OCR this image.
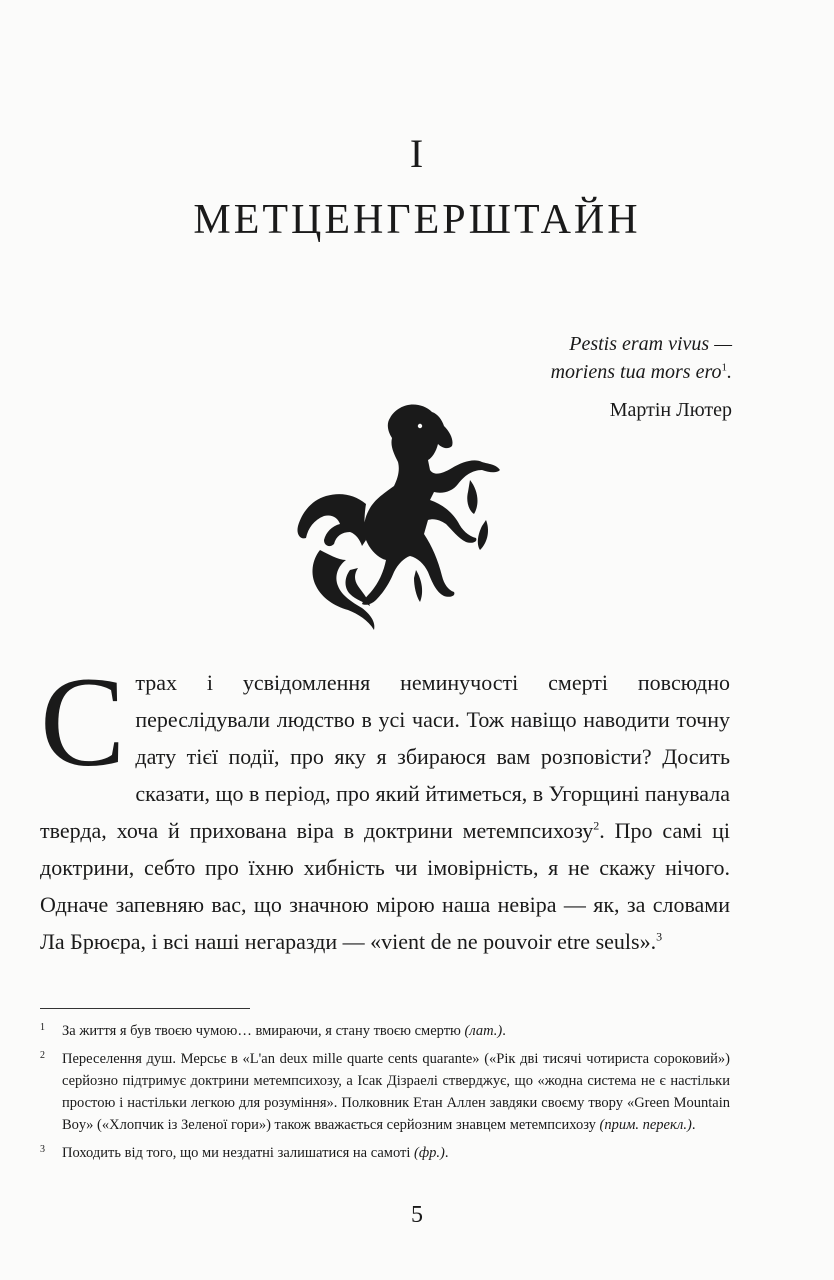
I
МЕТЦЕНГЕРШТАЙН
Pestis eram vivus —
moriens tua mors ero$^1$.
Мартін Лютер
Страх і усвідомлення неминучості смерті повсюдно переслідували людство в усі часи. Тож навіщо наводити точну дату тієї події, про яку я збираюся вам розповісти? Досить сказати, що в період, про який йтиметься, в Угорщині панувала тверда, хоча й прихована віра в доктрини метемпсихозу$^2$. Про самі ці доктрини, себто про їхню хибність чи імовірність, я не скажу нічого. Одначе запевняю вас, що значною мірою наша невіра — як, за словами Ла Брюєра, і всі наші негаразди — «vient de ne pouvoir etre seuls».$^3$
1 За життя я був твоєю чумою… вмираючи, я стану твоєю смертю (лат.).
2 Переселення душ. Мерсьє в «L'an deux mille quarte cents quarante» («Рік дві тисячі чотириста сороковий») серйозно підтримує доктрини метемпсихозу, а Ісак Дізраелі стверджує, що «жодна система не є настільки простою і настільки легкою для розуміння». Полковник Етан Аллен завдяки своєму твору «Green Mountain Boy» («Хлопчик із Зеленої гори») також вважається серйозним знавцем метемпсихозу (прим. перекл.).
3 Походить від того, що ми нездатні залишатися на самоті (фр.).
5
